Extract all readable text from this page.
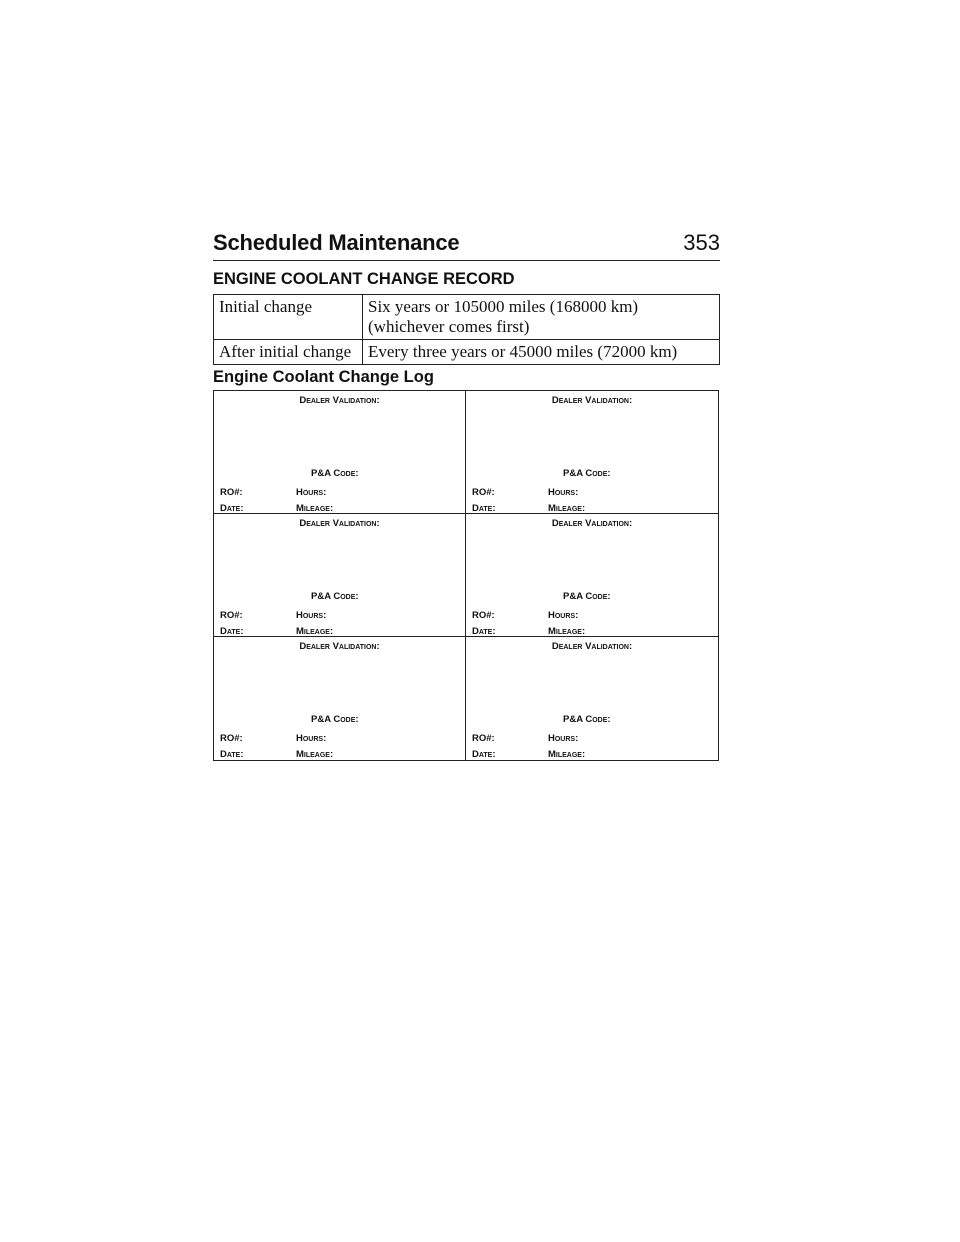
Scheduled Maintenance	353
ENGINE COOLANT CHANGE RECORD
Initial change	Six years or 105000 miles (168000 km) (whichever comes first)
After initial change	Every three years or 45000 miles (72000 km)
Engine Coolant Change Log
Dealer Validation:
P&A Code:
RO#:	Hours:
Date:	Mileage:
Dealer Validation:
P&A Code:
RO#:	Hours:
Date:	Mileage:
Dealer Validation:
P&A Code:
RO#:	Hours:
Date:	Mileage:
Dealer Validation:
P&A Code:
RO#:	Hours:
Date:	Mileage:
Dealer Validation:
P&A Code:
RO#:	Hours:
Date:	Mileage:
Dealer Validation:
P&A Code:
RO#:	Hours:
Date:	Mileage:
